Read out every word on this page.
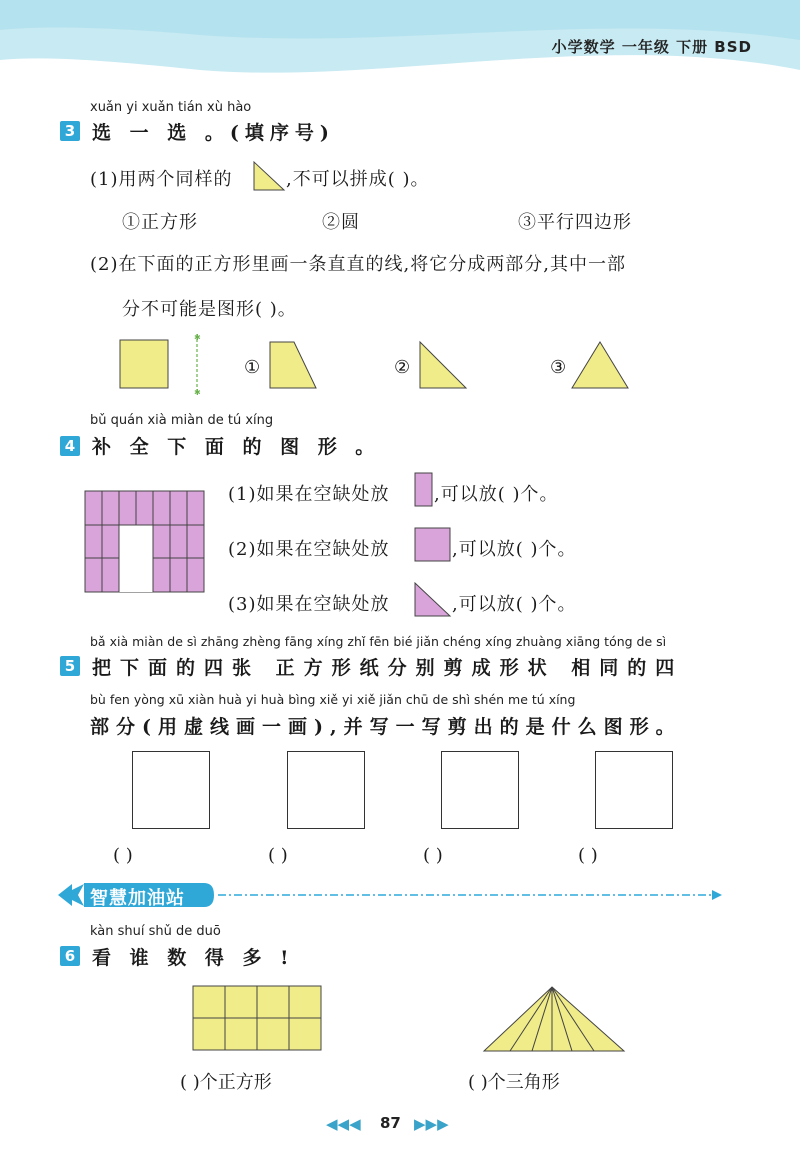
小学数学 一年级 下册 BSD
xuǎn yi xuǎn tián xù hào
3 选 一 选 。(填序号)
(1)用两个同样的	,不可以拼成( )。
①正方形	②圆	③平行四边形
(2)在下面的正方形里画一条直直的线,将它分成两部分,其中一部
分不可能是图形( )。
✱
✱
①	②	③
bǔ quán xià miàn de tú xíng
4 补 全 下 面 的 图 形 。
(1)如果在空缺处放 ,可以放( )个。
(2)如果在空缺处放	,可以放( )个。
(3)如果在空缺处放	,可以放( )个。
bǎ xià miàn de sì zhāng zhèng fāng xíng zhǐ fēn bié jiǎn chéng xíng zhuàng xiāng tóng de sì
5 把下面的四张 正方形纸分别剪成形状 相同的四
bù fen yòng xū xiàn huà yi huà bìng xiě yi xiě jiǎn chū de shì shén me tú xíng
部分(用虚线画一画),并写一写剪出的是什么图形。
( )	( )	( )	( )
智慧加油站
kàn shuí shǔ de duō
6 看 谁 数 得 多 !
( )个正方形	( )个三角形
◀◀◀ 87 ▶▶▶
